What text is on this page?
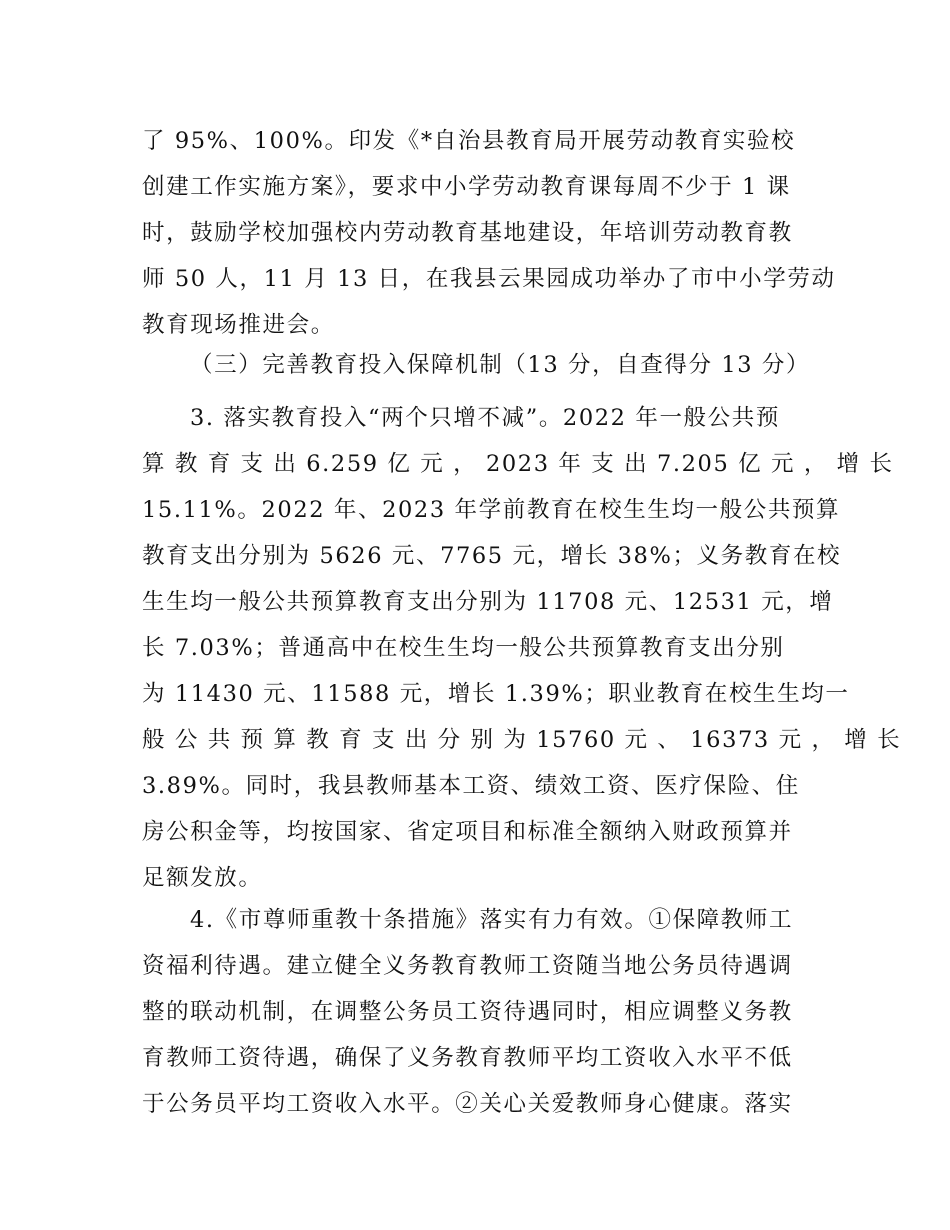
了 95%、100%。印发《*自治县教育局开展劳动教育实验校
创建工作实施方案》，要求中小学劳动教育课每周不少于 1 课
时，鼓励学校加强校内劳动教育基地建设，年培训劳动教育教
师 50 人，11 月 13 日，在我县云果园成功举办了市中小学劳动
教育现场推进会。
（三）完善教育投入保障机制（13 分，自查得分 13 分）
3. 落实教育投入“两个只增不减”。2022 年一般公共预
算 教 育 支 出 6.259 亿 元 ， 2023 年 支 出 7.205 亿 元 ， 增 长
15.11%。2022 年、2023 年学前教育在校生生均一般公共预算
教育支出分别为 5626 元、7765 元，增长 38%；义务教育在校
生生均一般公共预算教育支出分别为 11708 元、12531 元，增
长 7.03%；普通高中在校生生均一般公共预算教育支出分别
为 11430 元、11588 元，增长 1.39%；职业教育在校生生均一
般 公 共 预 算 教 育 支 出 分 别 为 15760 元 、 16373 元 ， 增 长
3.89%。同时，我县教师基本工资、绩效工资、医疗保险、住
房公积金等，均按国家、省定项目和标准全额纳入财政预算并
足额发放。
4.《市尊师重教十条措施》落实有力有效。①保障教师工
资福利待遇。建立健全义务教育教师工资随当地公务员待遇调
整的联动机制，在调整公务员工资待遇同时，相应调整义务教
育教师工资待遇，确保了义务教育教师平均工资收入水平不低
于公务员平均工资收入水平。②关心关爱教师身心健康。落实
